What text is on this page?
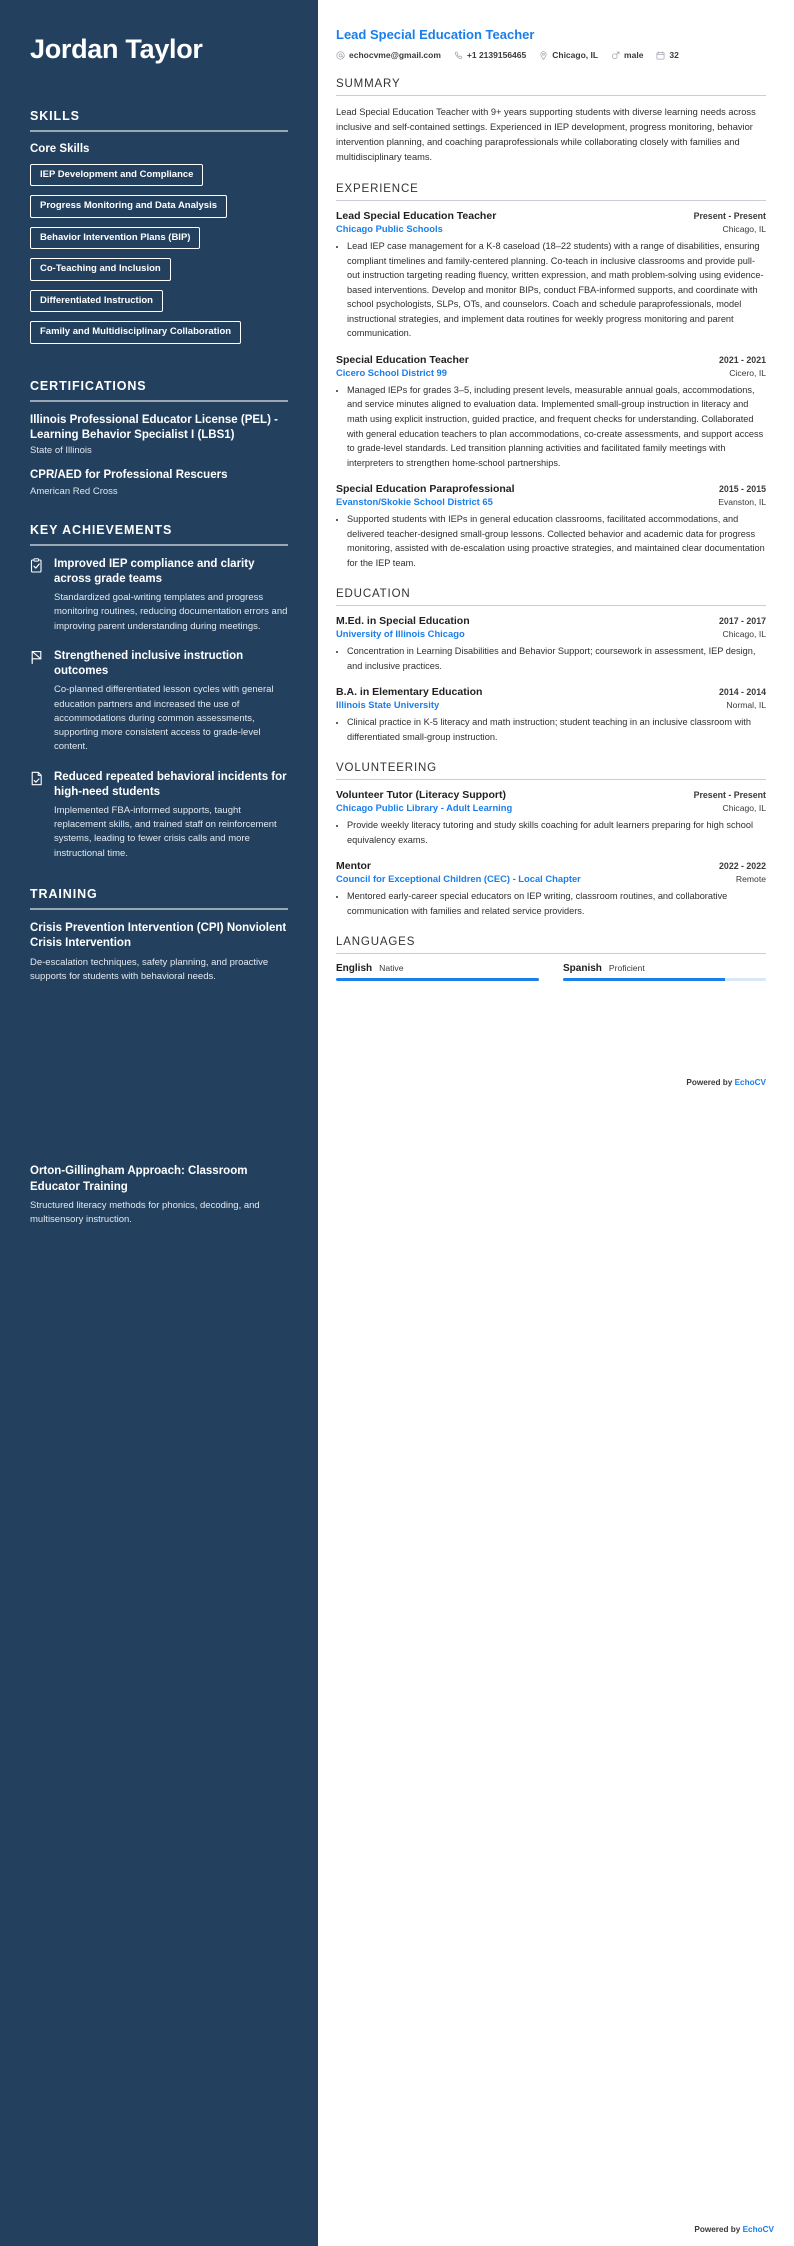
Jordan Taylor
SKILLS
Core Skills
IEP Development and ComplianceProgress Monitoring and Data AnalysisBehavior Intervention Plans (BIP)Co-Teaching and InclusionDifferentiated InstructionFamily and Multidisciplinary Collaboration
CERTIFICATIONS
Illinois Professional Educator License (PEL) - Learning Behavior Specialist I (LBS1)
State of Illinois
CPR/AED for Professional Rescuers
American Red Cross
KEY ACHIEVEMENTS
Improved IEP compliance and clarity across grade teams
Standardized goal-writing templates and progress monitoring routines, reducing documentation errors and improving parent understanding during meetings.
Strengthened inclusive instruction outcomes
Co-planned differentiated lesson cycles with general education partners and increased the use of accommodations during common assessments, supporting more consistent access to grade-level content.
Reduced repeated behavioral incidents for high-need students
Implemented FBA-informed supports, taught replacement skills, and trained staff on reinforcement systems, leading to fewer crisis calls and more instructional time.
TRAINING
Crisis Prevention Intervention (CPI) Nonviolent Crisis Intervention
De-escalation techniques, safety planning, and proactive supports for students with behavioral needs.
Orton-Gillingham Approach: Classroom Educator Training
Structured literacy methods for phonics, decoding, and multisensory instruction.
Lead Special Education Teacher
echocvme@gmail.com	+1 2139156465	Chicago, IL	male	32
SUMMARY

Lead Special Education Teacher with 9+ years supporting students with diverse learning needs across inclusive and self-contained settings. Experienced in IEP development, progress monitoring, behavior intervention planning, and coaching paraprofessionals while collaborating closely with families and multidisciplinary teams.

EXPERIENCE
Lead Special Education Teacher	Present - Present
Chicago Public Schools	Chicago, IL
• Lead IEP case management for a K-8 caseload (18–22 students) with a range of disabilities, ensuring compliant timelines and family-centered planning. Co-teach in inclusive classrooms and provide pull-out instruction targeting reading fluency, written expression, and math problem-solving using evidence-based interventions. Develop and monitor BIPs, conduct FBA-informed supports, and coordinate with school psychologists, SLPs, OTs, and counselors. Coach and schedule paraprofessionals, model instructional strategies, and implement data routines for weekly progress monitoring and parent communication.
Special Education Teacher	2021 - 2021
Cicero School District 99	Cicero, IL
• Managed IEPs for grades 3–5, including present levels, measurable annual goals, accommodations, and service minutes aligned to evaluation data. Implemented small-group instruction in literacy and math using explicit instruction, guided practice, and frequent checks for understanding. Collaborated with general education teachers to plan accommodations, co-create assessments, and support access to grade-level standards. Led transition planning activities and facilitated family meetings with interpreters to strengthen home-school partnerships.
Special Education Paraprofessional	2015 - 2015
Evanston/Skokie School District 65	Evanston, IL
• Supported students with IEPs in general education classrooms, facilitated accommodations, and delivered teacher-designed small-group lessons. Collected behavior and academic data for progress monitoring, assisted with de-escalation using proactive strategies, and maintained clear documentation for the IEP team.
EDUCATION
M.Ed. in Special Education	2017 - 2017
University of Illinois Chicago	Chicago, IL
• Concentration in Learning Disabilities and Behavior Support; coursework in assessment, IEP design, and inclusive practices.
B.A. in Elementary Education	2014 - 2014
Illinois State University	Normal, IL
• Clinical practice in K-5 literacy and math instruction; student teaching in an inclusive classroom with differentiated small-group instruction.
VOLUNTEERING
Volunteer Tutor (Literacy Support)	Present - Present
Chicago Public Library - Adult Learning	Chicago, IL
• Provide weekly literacy tutoring and study skills coaching for adult learners preparing for high school equivalency exams.
Mentor	2022 - 2022
Council for Exceptional Children (CEC) - Local Chapter	Remote
• Mentored early-career special educators on IEP writing, classroom routines, and collaborative communication with families and related service providers.
LANGUAGES
English Native	Spanish Proficient
Powered by EchoCV
Powered by EchoCV
